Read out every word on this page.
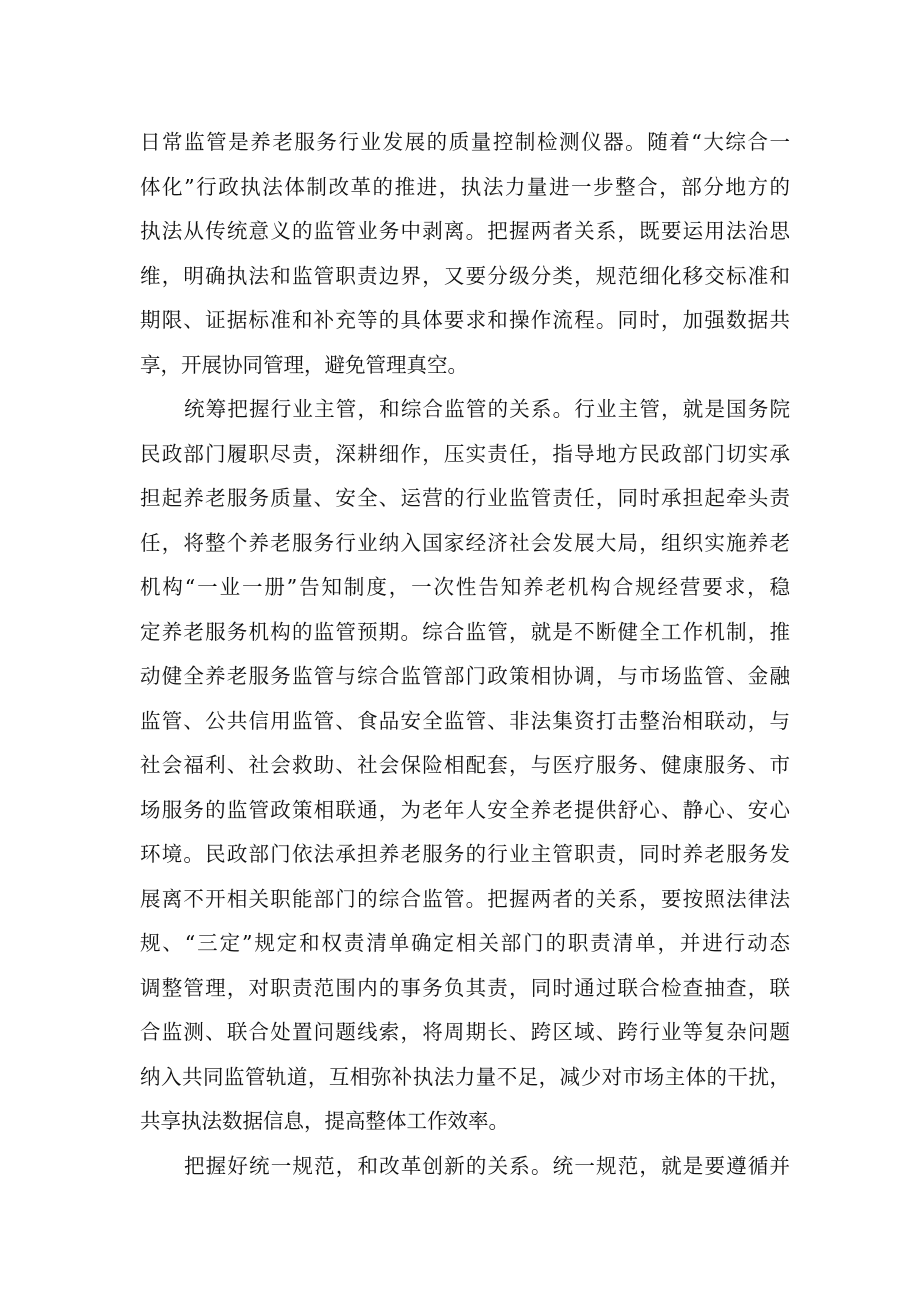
日常监管是养老服务行业发展的质量控制检测仪器。随着“大综合一
体化”行政执法体制改革的推进，执法力量进一步整合，部分地方的
执法从传统意义的监管业务中剥离。把握两者关系，既要运用法治思
维，明确执法和监管职责边界，又要分级分类，规范细化移交标准和
期限、证据标准和补充等的具体要求和操作流程。同时，加强数据共
享，开展协同管理，避免管理真空。
统筹把握行业主管，和综合监管的关系。行业主管，就是国务院
民政部门履职尽责，深耕细作，压实责任，指导地方民政部门切实承
担起养老服务质量、安全、运营的行业监管责任，同时承担起牵头责
任，将整个养老服务行业纳入国家经济社会发展大局，组织实施养老
机构“一业一册”告知制度，一次性告知养老机构合规经营要求，稳
定养老服务机构的监管预期。综合监管，就是不断健全工作机制，推
动健全养老服务监管与综合监管部门政策相协调，与市场监管、金融
监管、公共信用监管、食品安全监管、非法集资打击整治相联动，与
社会福利、社会救助、社会保险相配套，与医疗服务、健康服务、市
场服务的监管政策相联通，为老年人安全养老提供舒心、静心、安心
环境。民政部门依法承担养老服务的行业主管职责，同时养老服务发
展离不开相关职能部门的综合监管。把握两者的关系，要按照法律法
规、“三定”规定和权责清单确定相关部门的职责清单，并进行动态
调整管理，对职责范围内的事务负其责，同时通过联合检查抽查，联
合监测、联合处置问题线索，将周期长、跨区域、跨行业等复杂问题
纳入共同监管轨道，互相弥补执法力量不足，减少对市场主体的干扰，
共享执法数据信息，提高整体工作效率。
把握好统一规范，和改革创新的关系。统一规范，就是要遵循并
